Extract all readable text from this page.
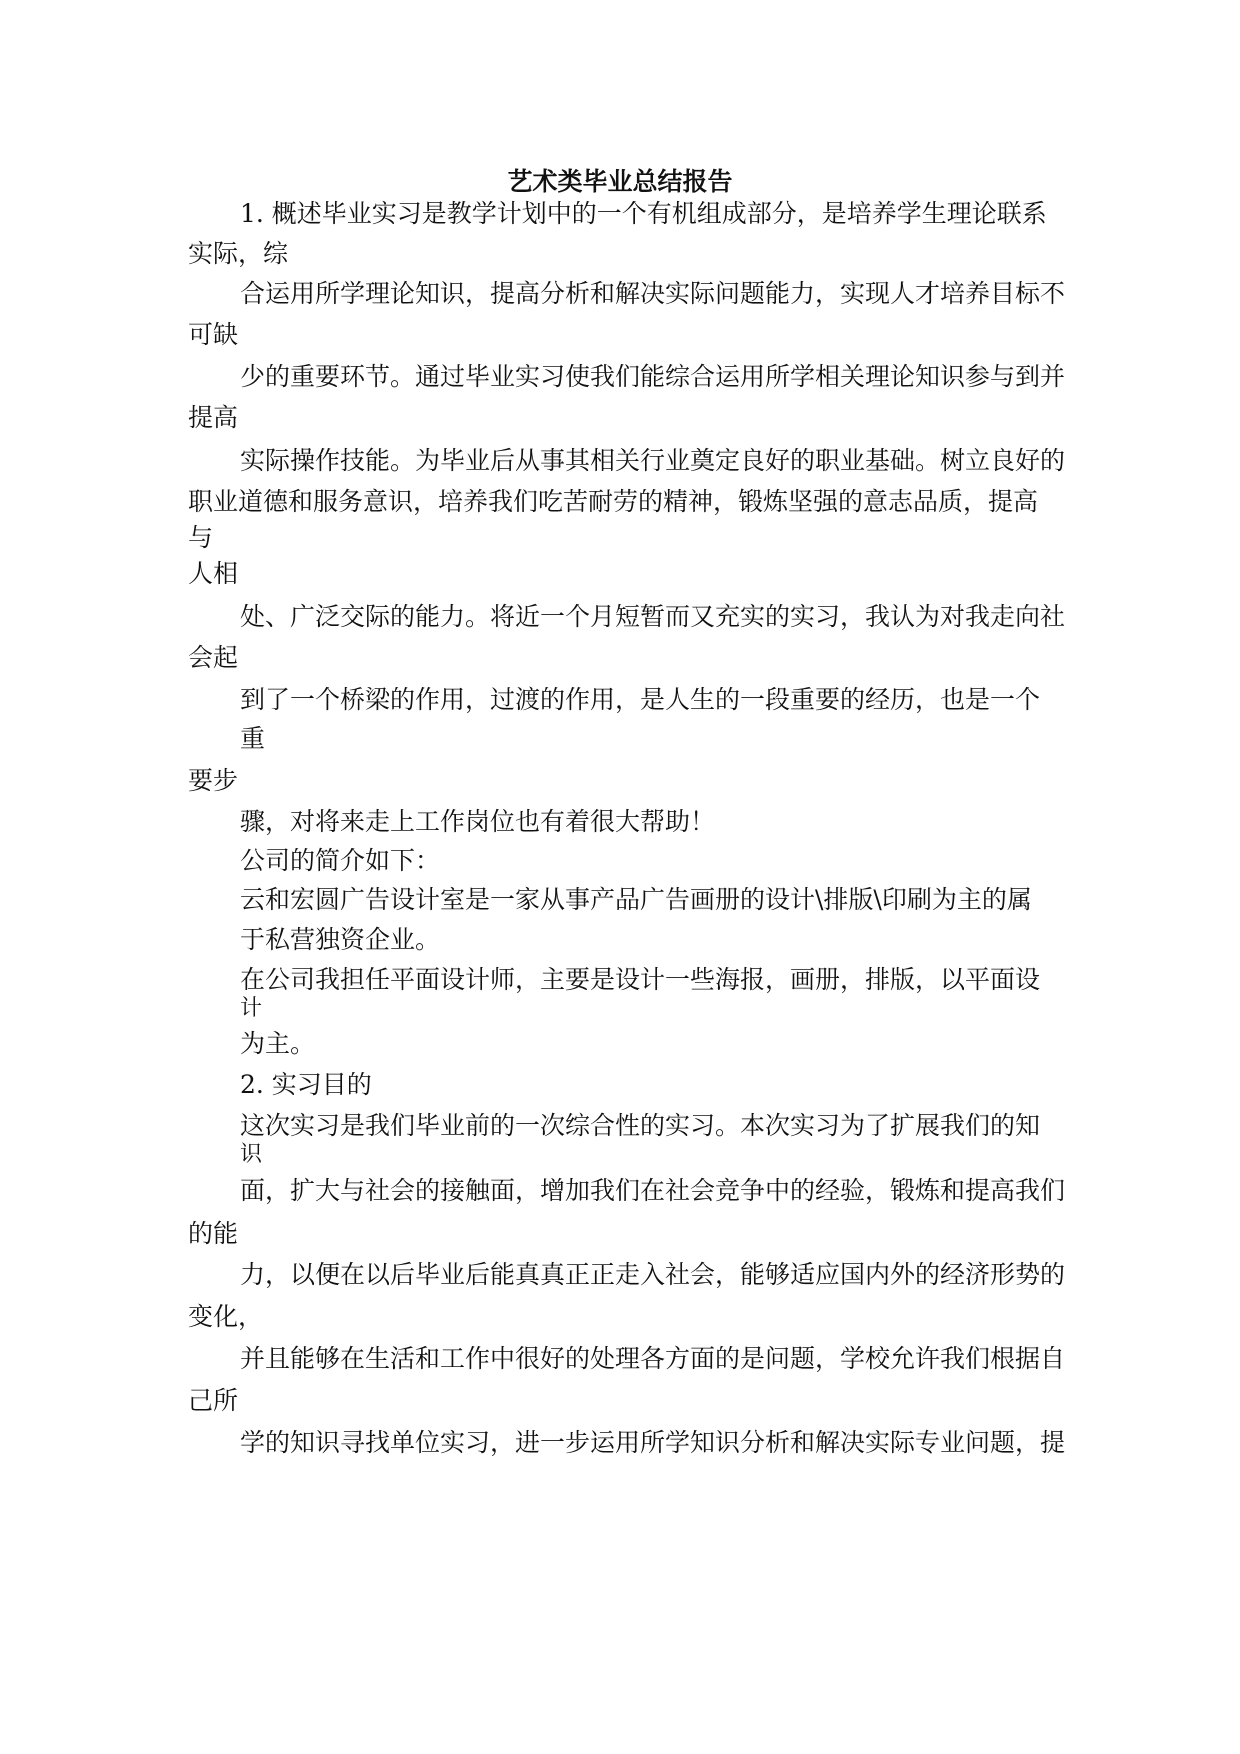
艺术类毕业总结报告
1. 概述毕业实习是教学计划中的一个有机组成部分，是培养学生理论联系
实际，综
合运用所学理论知识，提高分析和解决实际问题能力，实现人才培养目标不
可缺
少的重要环节。通过毕业实习使我们能综合运用所学相关理论知识参与到并
提高
实际操作技能。为毕业后从事其相关行业奠定良好的职业基础。树立良好的
职业道德和服务意识，培养我们吃苦耐劳的精神，锻炼坚强的意志品质，提高
与
人相
处、广泛交际的能力。将近一个月短暂而又充实的实习，我认为对我走向社
会起
到了一个桥梁的作用，过渡的作用，是人生的一段重要的经历，也是一个
重
要步
骤，对将来走上工作岗位也有着很大帮助！
公司的简介如下：
云和宏圆广告设计室是一家从事产品广告画册的设计\排版\印刷为主的属
于私营独资企业。
在公司我担任平面设计师，主要是设计一些海报，画册，排版，以平面设
计
为主。
2. 实习目的
这次实习是我们毕业前的一次综合性的实习。本次实习为了扩展我们的知
识
面，扩大与社会的接触面，增加我们在社会竞争中的经验，锻炼和提高我们
的能
力，以便在以后毕业后能真真正正走入社会，能够适应国内外的经济形势的
变化，
并且能够在生活和工作中很好的处理各方面的是问题，学校允许我们根据自
己所
学的知识寻找单位实习，进一步运用所学知识分析和解决实际专业问题，提
